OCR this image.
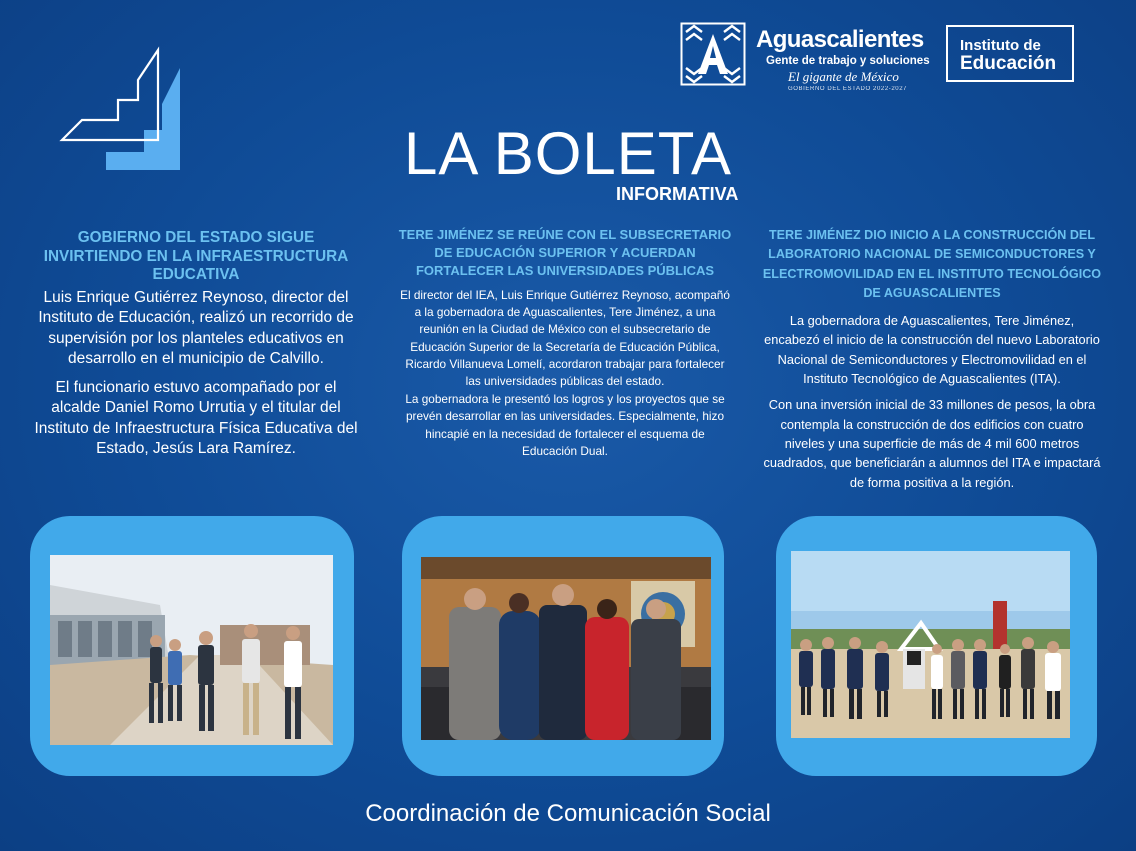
Aguascalientes
Gente de trabajo y soluciones
El gigante de México
GOBIERNO DEL ESTADO 2022-2027
Instituto de
Educación
LA BOLETA
INFORMATIVA
GOBIERNO DEL ESTADO SIGUE INVIRTIENDO EN LA INFRAESTRUCTURA EDUCATIVA

Luis Enrique Gutiérrez Reynoso, director del Instituto de Educación, realizó un recorrido de supervisión por los planteles educativos en desarrollo en el municipio de Calvillo.

El funcionario estuvo acompañado por el alcalde Daniel Romo Urrutia y el titular del Instituto de Infraestructura Física Educativa del Estado, Jesús Lara Ramírez.

TERE JIMÉNEZ SE REÚNE CON EL SUBSECRETARIO DE EDUCACIÓN SUPERIOR Y ACUERDAN FORTALECER LAS UNIVERSIDADES PÚBLICAS

El director del IEA, Luis Enrique Gutiérrez Reynoso, acompañó a la gobernadora de Aguascalientes, Tere Jiménez, a una reunión en la Ciudad de México con el subsecretario de Educación Superior de la Secretaría de Educación Pública, Ricardo Villanueva Lomelí, acordaron trabajar para fortalecer las universidades públicas del estado.

La gobernadora le presentó los logros y los proyectos que se prevén desarrollar en las universidades. Especialmente, hizo hincapié en la necesidad de fortalecer el esquema de Educación Dual.

TERE JIMÉNEZ DIO INICIO A LA CONSTRUCCIÓN DEL LABORATORIO NACIONAL DE SEMICONDUCTORES Y ELECTROMOVILIDAD EN EL INSTITUTO TECNOLÓGICO DE AGUASCALIENTES

La gobernadora de Aguascalientes, Tere Jiménez, encabezó el inicio de la construcción del nuevo Laboratorio Nacional de Semiconductores y Electromovilidad en el Instituto Tecnológico de Aguascalientes (ITA).

Con una inversión inicial de 33 millones de pesos, la obra contempla la construcción de dos edificios con cuatro niveles y una superficie de más de 4 mil 600 metros cuadrados, que beneficiarán a alumnos del ITA e impactará de forma positiva a la región.

Coordinación de Comunicación Social
